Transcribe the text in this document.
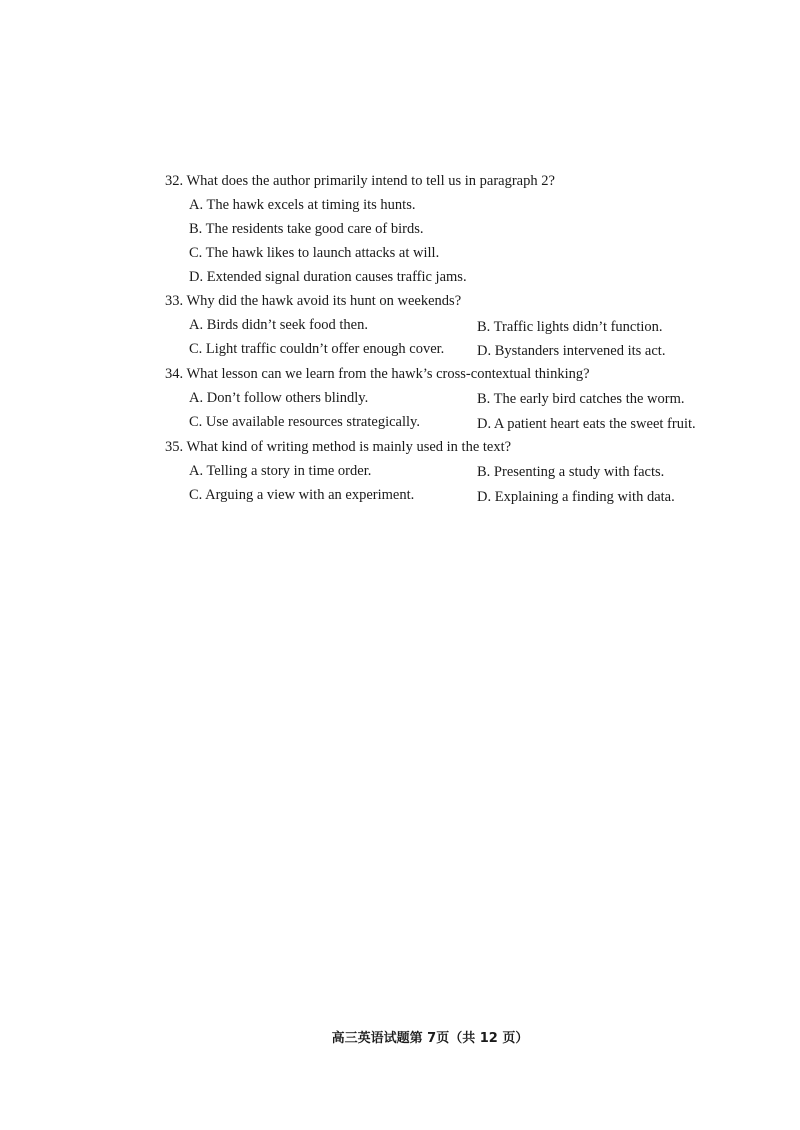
32. What does the author primarily intend to tell us in paragraph 2?
A. The hawk excels at timing its hunts.
B. The residents take good care of birds.
C. The hawk likes to launch attacks at will.
D. Extended signal duration causes traffic jams.
33. Why did the hawk avoid its hunt on weekends?
A. Birds didn’t seek food then.	B. Traffic lights didn’t function.
C. Light traffic couldn’t offer enough cover. D. Bystanders intervened its act.
34. What lesson can we learn from the hawk’s cross-contextual thinking?
A. Don’t follow others blindly.	B. The early bird catches the worm.
C. Use available resources strategically.	D. A patient heart eats the sweet fruit.
35. What kind of writing method is mainly used in the text?
A. Telling a story in time order.	B. Presenting a study with facts.
C. Arguing a view with an experiment.	D. Explaining a finding with data.
高三英语试题第 7页（共 12 页）
